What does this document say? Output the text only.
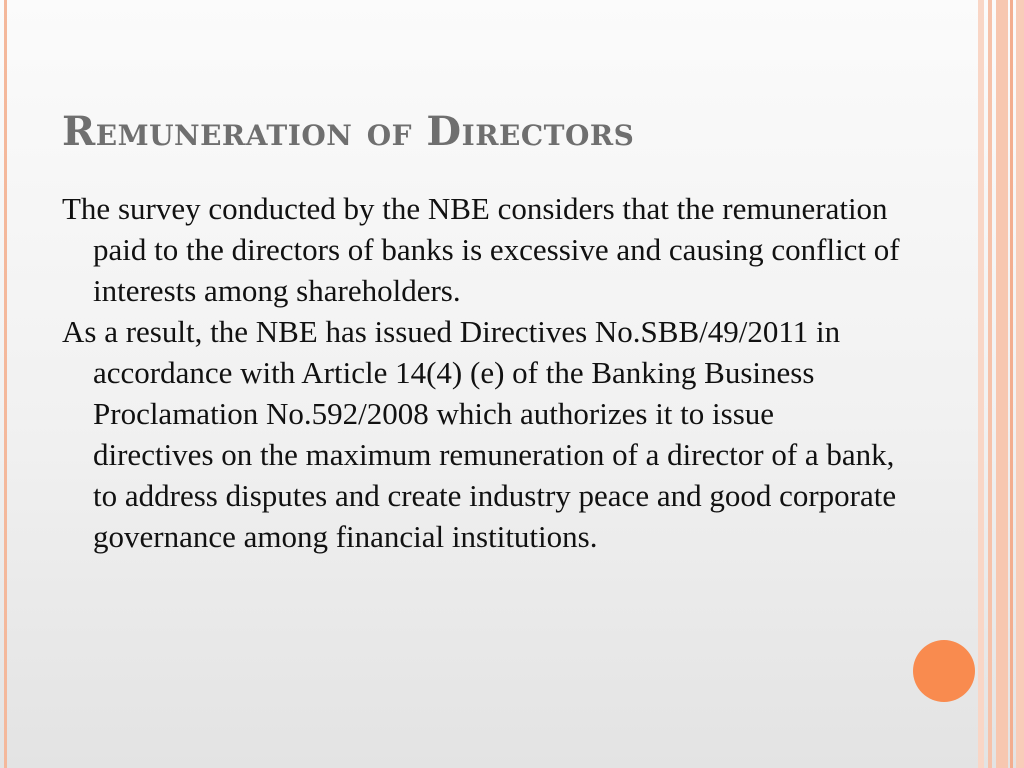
Remuneration of Directors

The survey conducted by the NBE considers that the remuneration paid to the directors of banks is excessive and causing conflict of interests among shareholders.

As a result, the NBE has issued Directives No.SBB/49/2011 in accordance with Article 14(4) (e) of the Banking Business Proclamation No.592/2008 which authorizes it to issue directives on the maximum remuneration of a director of a bank, to address disputes and create industry peace and good corporate governance among financial institutions.
